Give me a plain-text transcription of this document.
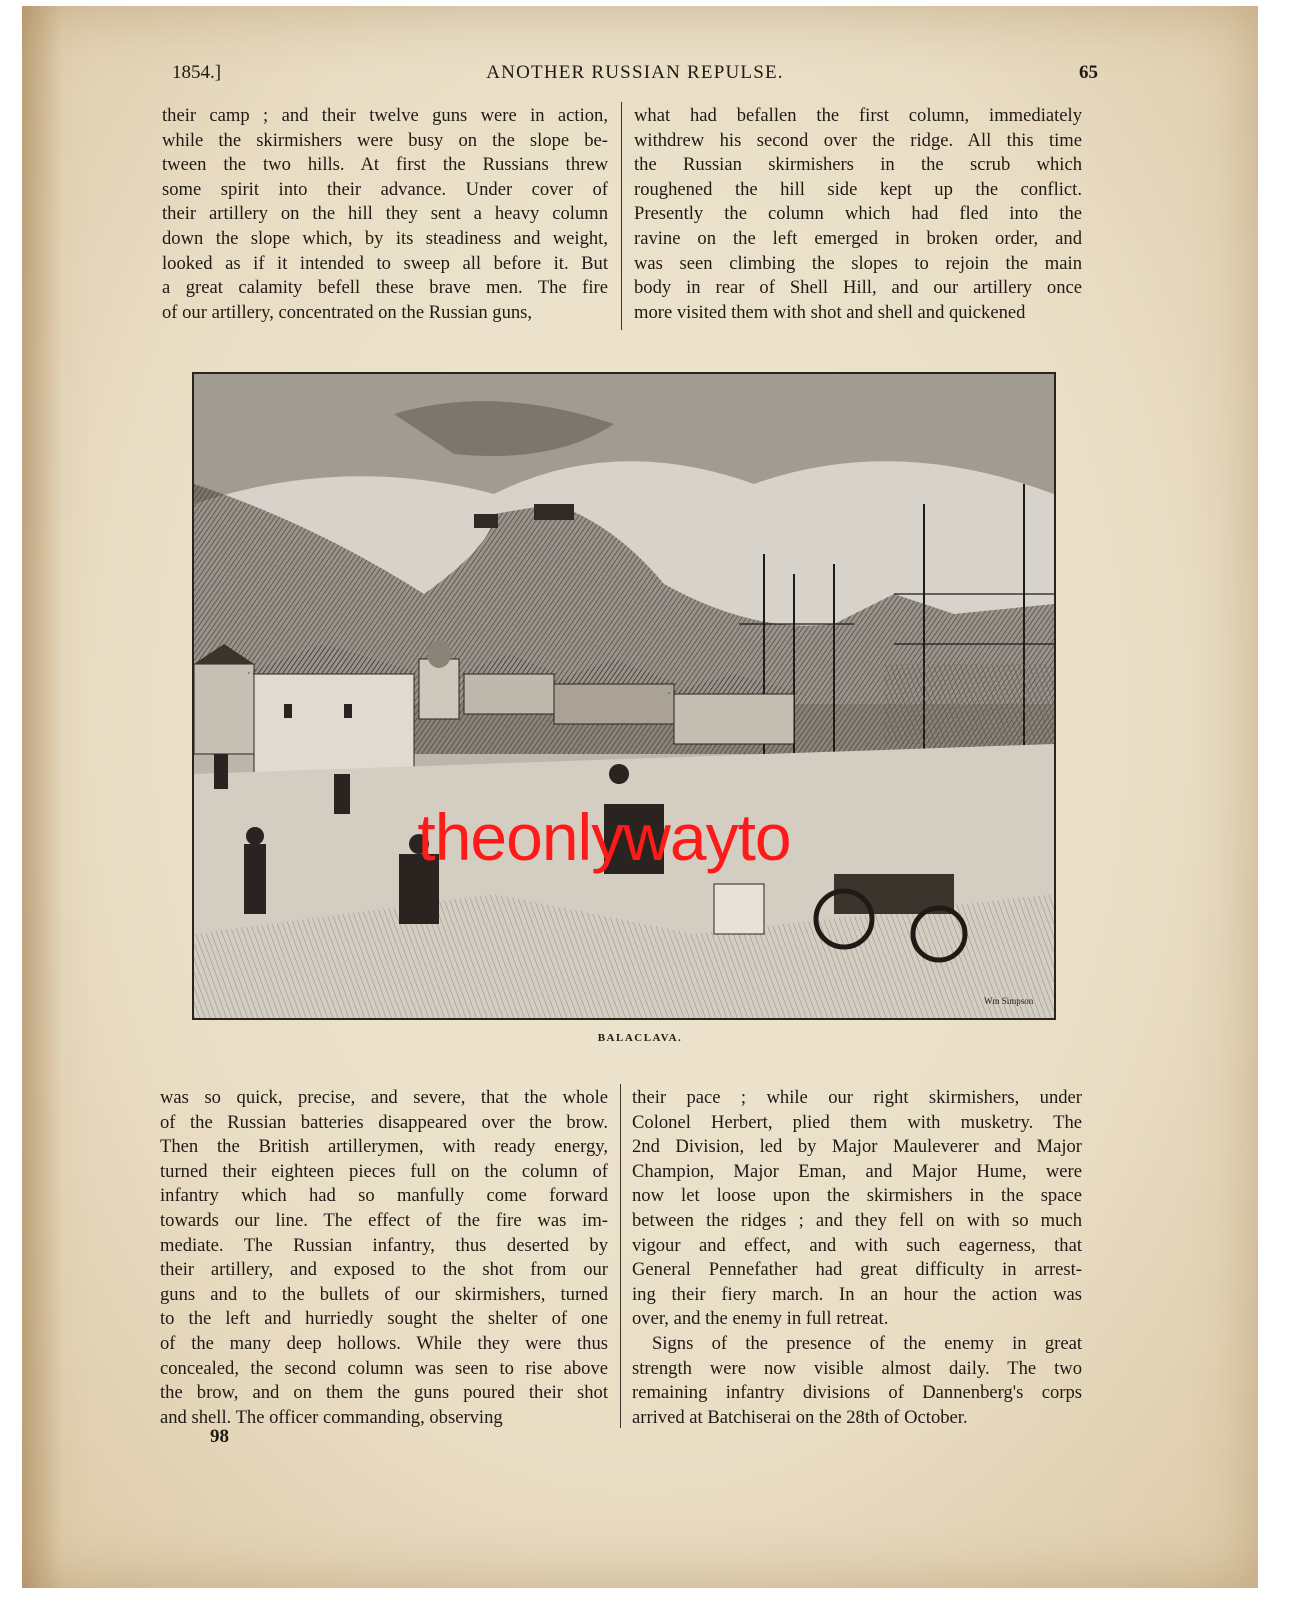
1854.]	ANOTHER RUSSIAN REPULSE.	65
their camp ; and their twelve guns were in action,
while the skirmishers were busy on the slope be-
tween the two hills. At first the Russians threw
some spirit into their advance. Under cover of
their artillery on the hill they sent a heavy column
down the slope which, by its steadiness and weight,
looked as if it intended to sweep all before it. But
a great calamity befell these brave men. The fire
of our artillery, concentrated on the Russian guns,
what had befallen the first column, immediately
withdrew his second over the ridge. All this time
the Russian skirmishers in the scrub which
roughened the hill side kept up the conflict.
Presently the column which had fled into the
ravine on the left emerged in broken order, and
was seen climbing the slopes to rejoin the main
body in rear of Shell Hill, and our artillery once
more visited them with shot and shell and quickened
theonlywayto
Wm Simpson
BALACLAVA.
was so quick, precise, and severe, that the whole
of the Russian batteries disappeared over the brow.
Then the British artillerymen, with ready energy,
turned their eighteen pieces full on the column of
infantry which had so manfully come forward
towards our line. The effect of the fire was im-
mediate. The Russian infantry, thus deserted by
their artillery, and exposed to the shot from our
guns and to the bullets of our skirmishers, turned
to the left and hurriedly sought the shelter of one
of the many deep hollows. While they were thus
concealed, the second column was seen to rise above
the brow, and on them the guns poured their shot
and shell. The officer commanding, observing
their pace ; while our right skirmishers, under
Colonel Herbert, plied them with musketry. The
2nd Division, led by Major Mauleverer and Major
Champion, Major Eman, and Major Hume, were
now let loose upon the skirmishers in the space
between the ridges ; and they fell on with so much
vigour and effect, and with such eagerness, that
General Pennefather had great difficulty in arrest-
ing their fiery march. In an hour the action was
over, and the enemy in full retreat.
Signs of the presence of the enemy in great
strength were now visible almost daily. The two
remaining infantry divisions of Dannenberg's corps
arrived at Batchiserai on the 28th of October.
98
